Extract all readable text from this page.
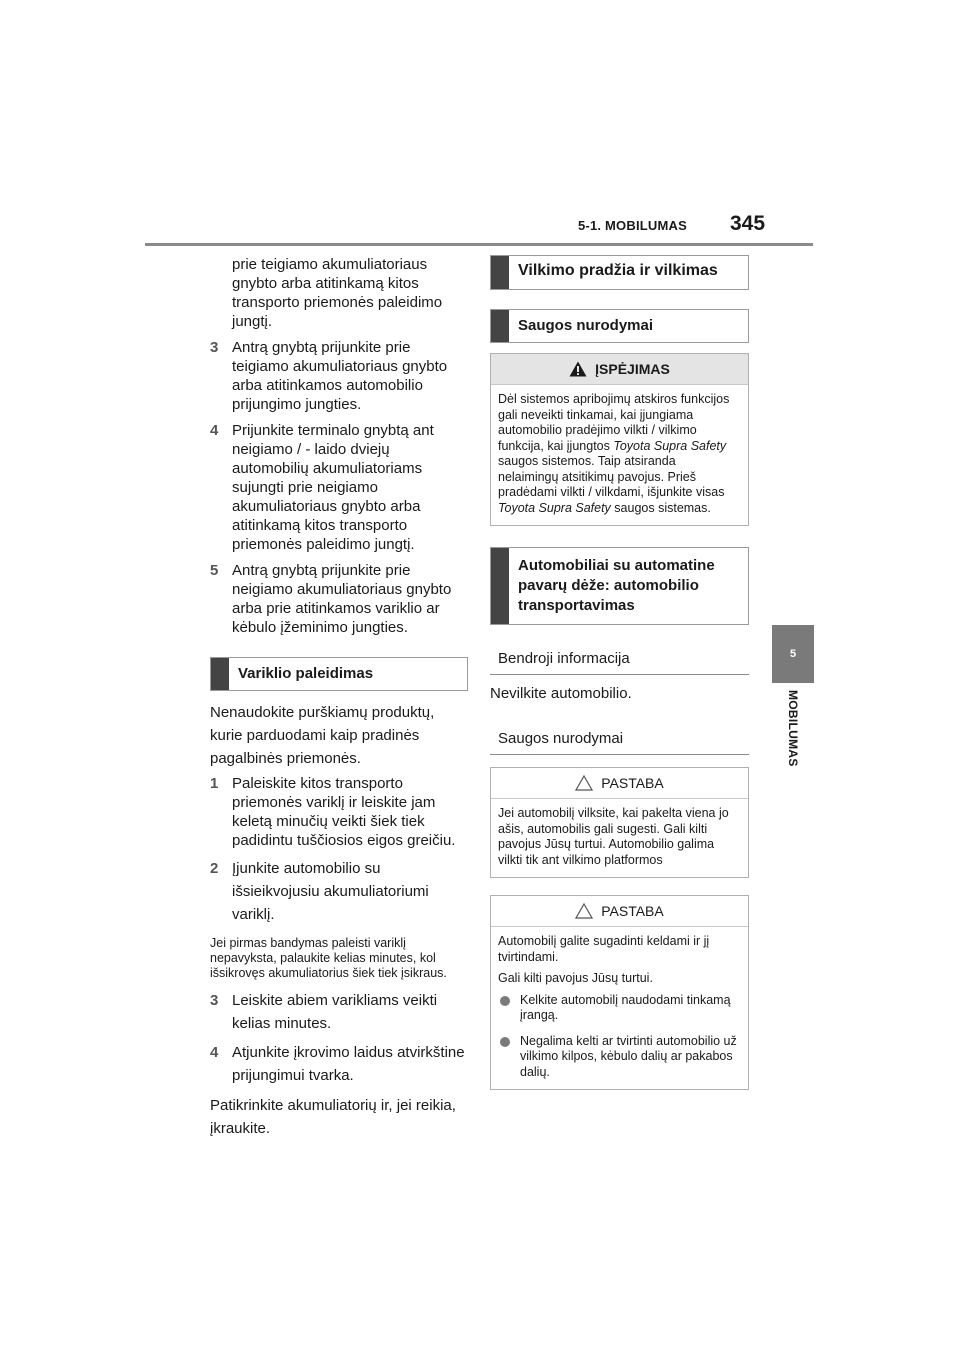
5-1. MOBILUMAS 345
5
MOBILUMAS

prie teigiamo akumuliatoriaus gnybto arba atitinkamą kitos transporto priemonės paleidimo jungtį.

3 Antrą gnybtą prijunkite prie teigiamo akumuliatoriaus gnybto arba atitinkamos automobilio prijungimo jungties.
4 Prijunkite terminalo gnybtą ant neigiamo / - laido dviejų automobilių akumuliatoriams sujungti prie neigiamo akumuliatoriaus gnybto arba atitinkamą kitos transporto priemonės paleidimo jungtį.
5 Antrą gnybtą prijunkite prie neigiamo akumuliatoriaus gnybto arba prie atitinkamos variklio ar kėbulo įžeminimo jungties.
Variklio paleidimas

Nenaudokite purškiamų produktų, kurie parduodami kaip pradinės pagalbinės priemonės.

1 Paleiskite kitos transporto priemonės variklį ir leiskite jam keletą minučių veikti šiek tiek padidintu tuščiosios eigos greičiu.
2 Įjunkite automobilio su išsieikvojusiu akumuliatoriumi variklį.

Jei pirmas bandymas paleisti variklį nepavyksta, palaukite kelias minutes, kol išsikrovęs akumuliatorius šiek tiek įsikraus.

3 Leiskite abiem varikliams veikti kelias minutes.
4 Atjunkite įkrovimo laidus atvirkštine prijungimui tvarka.

Patikrinkite akumuliatorių ir, jei reikia, įkraukite.

Vilkimo pradžia ir vilkimas
Saugos nurodymai
ĮSPĖJIMAS
Dėl sistemos apribojimų atskiros funkcijos gali neveikti tinkamai, kai įjungiama automobilio pradėjimo vilkti / vilkimo funkcija, kai įjungtos Toyota Supra Safety saugos sistemos. Taip atsiranda nelaimingų atsitikimų pavojus. Prieš pradėdami vilkti / vilkdami, išjunkite visas Toyota Supra Safety saugos sistemas.
Automobiliai su automatine pavarų dėže: automobilio transportavimas
Bendroji informacija

Nevilkite automobilio.

Saugos nurodymai
PASTABA
Jei automobilį vilksite, kai pakelta viena jo ašis, automobilis gali sugesti. Gali kilti pavojus Jūsų turtui. Automobilio galima vilkti tik ant vilkimo platformos
PASTABA
Automobilį galite sugadinti keldami ir jį tvirtindami.
Gali kilti pavojus Jūsų turtui.
Kelkite automobilį naudodami tinkamą įrangą.
Negalima kelti ar tvirtinti automobilio už vilkimo kilpos, kėbulo dalių ar pakabos dalių.
